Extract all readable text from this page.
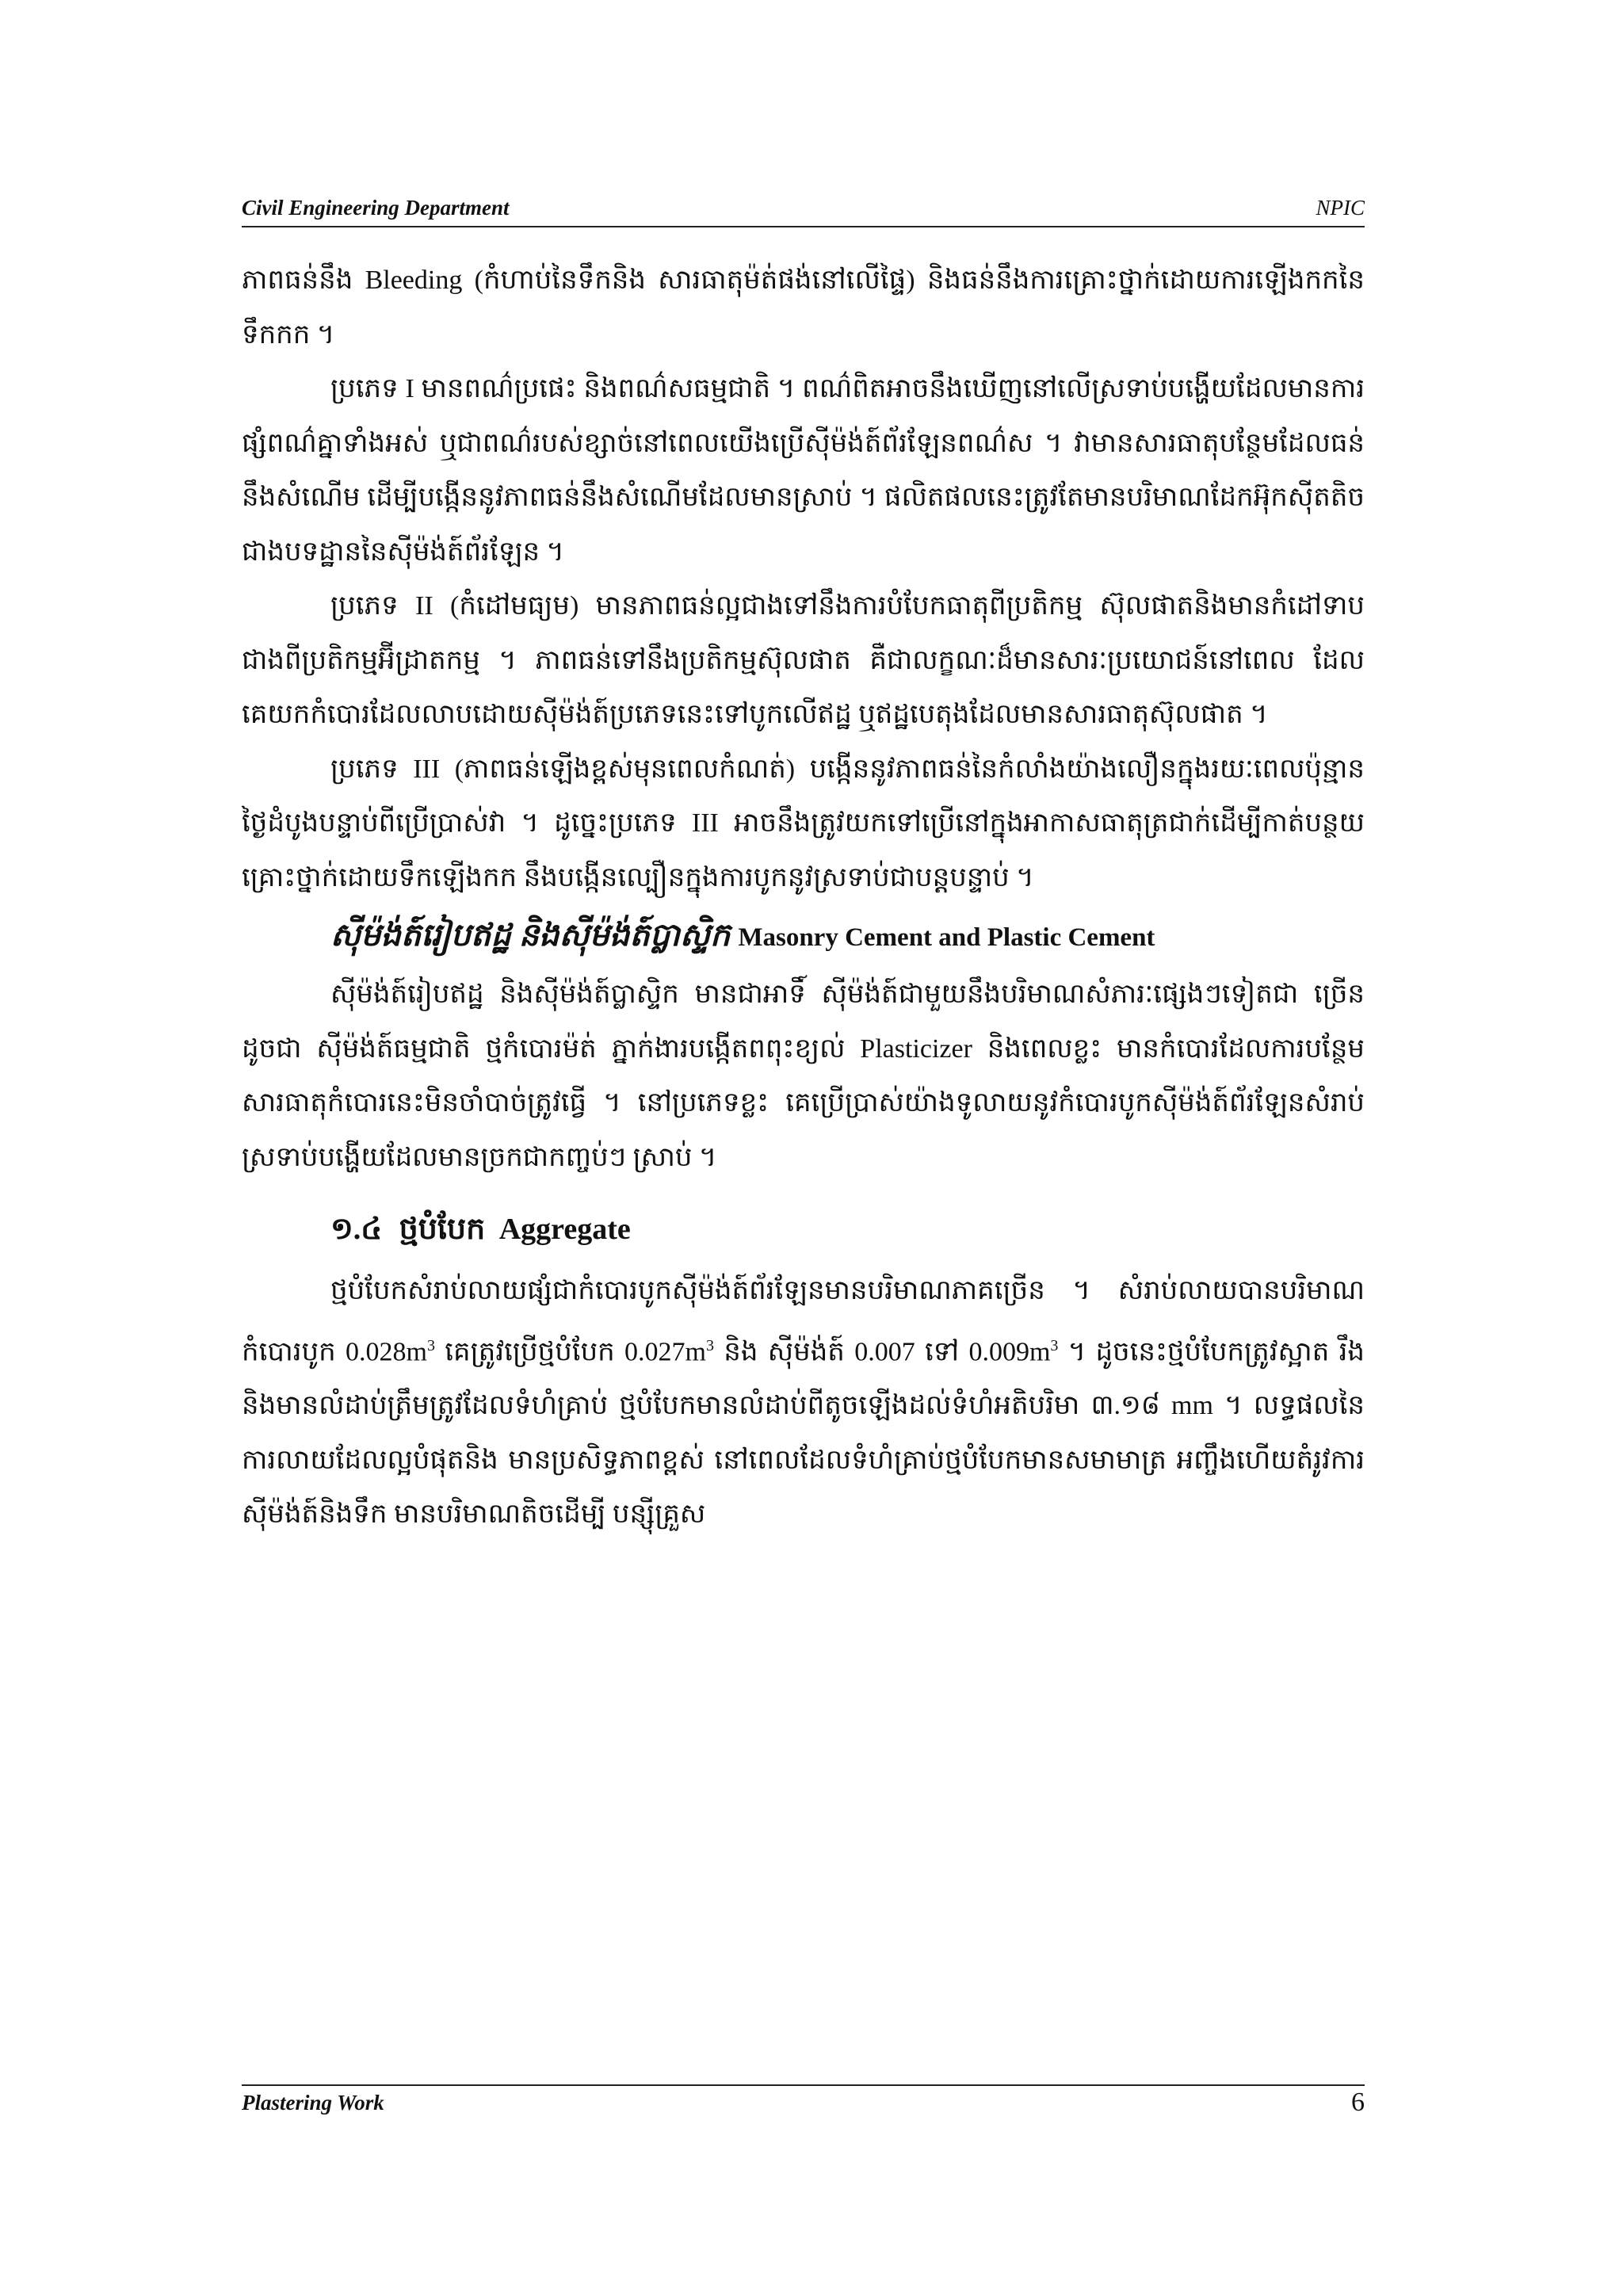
Civil Engineering Department	NPIC

ភាពធន់នឹង Bleeding (កំហាប់នៃទឹកនិង សារធាតុម៉ត់ផង់នៅលើផ្ទៃ) និងធន់នឹងការគ្រោះថ្នាក់ដោយការឡើងកកនៃទឹកកក ។

ប្រភេទ I មានពណ៌ប្រផេះ និងពណ៌សធម្មជាតិ ។ ពណ៌ពិតអាចនឹងឃើញនៅលើស្រទាប់បង្ហើយដែលមានការផ្សំពណ៌គ្នាទាំងអស់ ឬជាពណ៌របស់ខ្សាច់នៅពេលយើងប្រើស៊ីម៉ង់ត៍ព័រឡែនពណ៌ស ។ វាមានសារធាតុបន្ថែមដែលធន់នឹងសំណើម ដើម្បីបង្កើននូវភាពធន់នឹងសំណើមដែលមានស្រាប់ ។ ផលិតផលនេះត្រូវតែមានបរិមាណដែកអ៊ុកស៊ីតតិចជាងបទដ្ឋាននៃស៊ីម៉ង់ត៍ព័រឡែន ។

ប្រភេទ II (កំដៅមធ្យម) មានភាពធន់ល្អជាងទៅនឹងការបំបែកធាតុពីប្រតិកម្ម ស៊ុលផាតនិងមានកំដៅទាបជាងពីប្រតិកម្មអ៊ីដ្រាតកម្ម ។ ភាពធន់ទៅនឹងប្រតិកម្មស៊ុលផាត គឺជាលក្ខណៈដ៏មានសារៈប្រយោជន៍នៅពេល ដែលគេយកកំបោរដែលលាបដោយស៊ីម៉ង់ត៍ប្រភេទនេះទៅបូកលើឥដ្ឋ ឬឥដ្ឋបេតុងដែលមានសារធាតុស៊ុលផាត ។

ប្រភេទ III (ភាពធន់ឡើងខ្ពស់មុនពេលកំណត់) បង្កើននូវភាពធន់នៃកំលាំងយ៉ាងលឿនក្នុងរយៈពេលប៉ុន្មានថ្ងៃដំបូងបន្ទាប់ពីប្រើប្រាស់វា ។ ដូច្នេះប្រភេទ III អាចនឹងត្រូវយកទៅប្រើនៅក្នុងអាកាសធាតុត្រជាក់ដើម្បីកាត់បន្ថយគ្រោះថ្នាក់ដោយទឹកឡើងកក នឹងបង្កើនល្បឿនក្នុងការបូកនូវស្រទាប់ជាបន្តបន្ទាប់ ។

ស៊ីម៉ង់ត៍រៀបឥដ្ឋ និងស៊ីម៉ង់ត៍ប្លាស្ទិក Masonry Cement and Plastic Cement

ស៊ីម៉ង់ត៍រៀបឥដ្ឋ និងស៊ីម៉ង់ត៍ប្លាស្ទិក មានជាអាទិ៍ ស៊ីម៉ង់ត៍ជាមួយនឹងបរិមាណសំភារៈផ្សេងៗទៀតជា ច្រើនដូចជា ស៊ីម៉ង់ត៍ធម្មជាតិ ថ្មកំបោរម៉ត់ ភ្នាក់ងារបង្កើតពពុះខ្យល់ Plasticizer និងពេលខ្លះ មានកំបោរដែលការបន្ថែម សារធាតុកំបោរនេះមិនចាំបាច់ត្រូវធ្វើ ។ នៅប្រភេទខ្លះ គេប្រើប្រាស់យ៉ាងទូលាយនូវកំបោរបូកស៊ីម៉ង់ត៍ព័រឡែនសំរាប់ស្រទាប់បង្ហើយដែលមានច្រកជាកញ្ចប់ៗ ស្រាប់ ។

១.៤ ថ្មបំបែក Aggregate

ថ្មបំបែកសំរាប់លាយផ្សំជាកំបោរបូកស៊ីម៉ង់ត៍ព័រឡែនមានបរិមាណភាគច្រើន ។ សំរាប់លាយបានបរិមាណកំបោរបូក $0.028m^3$ គេត្រូវប្រើថ្មបំបែក $0.027m^3$ និង ស៊ីម៉ង់ត៍ 0.007 ទៅ $0.009m^3$ ។ ដូចនេះថ្មបំបែកត្រូវស្អាត រឹងនិងមានលំដាប់ត្រឹមត្រូវដែលទំហំគ្រាប់ ថ្មបំបែកមានលំដាប់ពីតូចឡើងដល់ទំហំអតិបរិមា ៣.១៨ mm ។ លទ្ធផលនៃការលាយដែលល្អបំផុតនិង មានប្រសិទ្ធភាពខ្ពស់ នៅពេលដែលទំហំគ្រាប់ថ្មបំបែកមានសមាមាត្រ អញ្ចឹងហើយតំរូវការស៊ីម៉ង់ត៍និងទឹក មានបរិមាណតិចដើម្បី បន្ស៊ីគ្រួស

Plastering Work	6
